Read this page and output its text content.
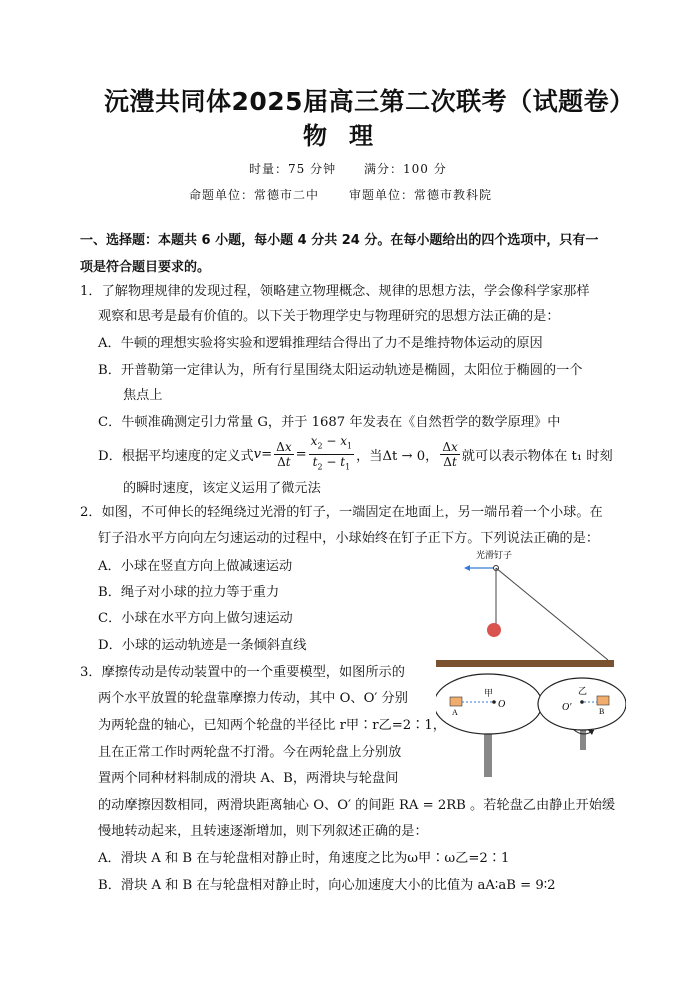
沅澧共同体2025届高三第二次联考（试题卷）
物理
时量：75 分钟 满分：100 分
命题单位：常德市二中 审题单位：常德市教科院
一、选择题：本题共 6 小题，每小题 4 分共 24 分。在每小题给出的四个选项中，只有一
项是符合题目要求的。
1．了解物理规律的发现过程，领略建立物理概念、规律的思想方法，学会像科学家那样
观察和思考是最有价值的。以下关于物理学史与物理研究的思想方法正确的是：
A．牛顿的理想实验将实验和逻辑推理结合得出了力不是维持物体运动的原因
B．开普勒第一定律认为，所有行星围绕太阳运动轨迹是椭圆，太阳位于椭圆的一个
焦点上
C．牛顿准确测定引力常量 G，并于 1687 年发表在《自然哲学的数学原理》中
D．根据平均速度的定义式 $v = \frac{\Delta x}{\Delta t} = \frac{x_2 - x_1}{t_2 - t_1}$ ，当Δt → 0， $\frac{\Delta x}{\Delta t}$ 就可以表示物体在 t₁ 时刻
的瞬时速度，该定义运用了微元法
2．如图，不可伸长的轻绳绕过光滑的钉子，一端固定在地面上，另一端吊着一个小球。在
钉子沿水平方向向左匀速运动的过程中，小球始终在钉子正下方。下列说法正确的是：
A．小球在竖直方向上做减速运动
B．绳子对小球的拉力等于重力
C．小球在水平方向上做匀速运动
D．小球的运动轨迹是一条倾斜直线
光滑钉子
3．摩擦传动是传动装置中的一个重要模型，如图所示的
两个水平放置的轮盘靠摩擦力传动，其中 O、O′ 分别
为两轮盘的轴心，已知两个轮盘的半径比 r甲∶r乙=2∶1，
且在正常工作时两轮盘不打滑。今在两轮盘上分别放
置两个同种材料制成的滑块 A、B，两滑块与轮盘间
的动摩擦因数相同，两滑块距离轴心 O、O′ 的间距 RA = 2RB 。若轮盘乙由静止开始缓
慢地转动起来，且转速逐渐增加，则下列叙述正确的是：
A．滑块 A 和 B 在与轮盘相对静止时，角速度之比为ω甲∶ω乙=2∶1
B．滑块 A 和 B 在与轮盘相对静止时，向心加速度大小的比值为 aA∶aB = 9∶2
甲
O
A
乙
O′	B
